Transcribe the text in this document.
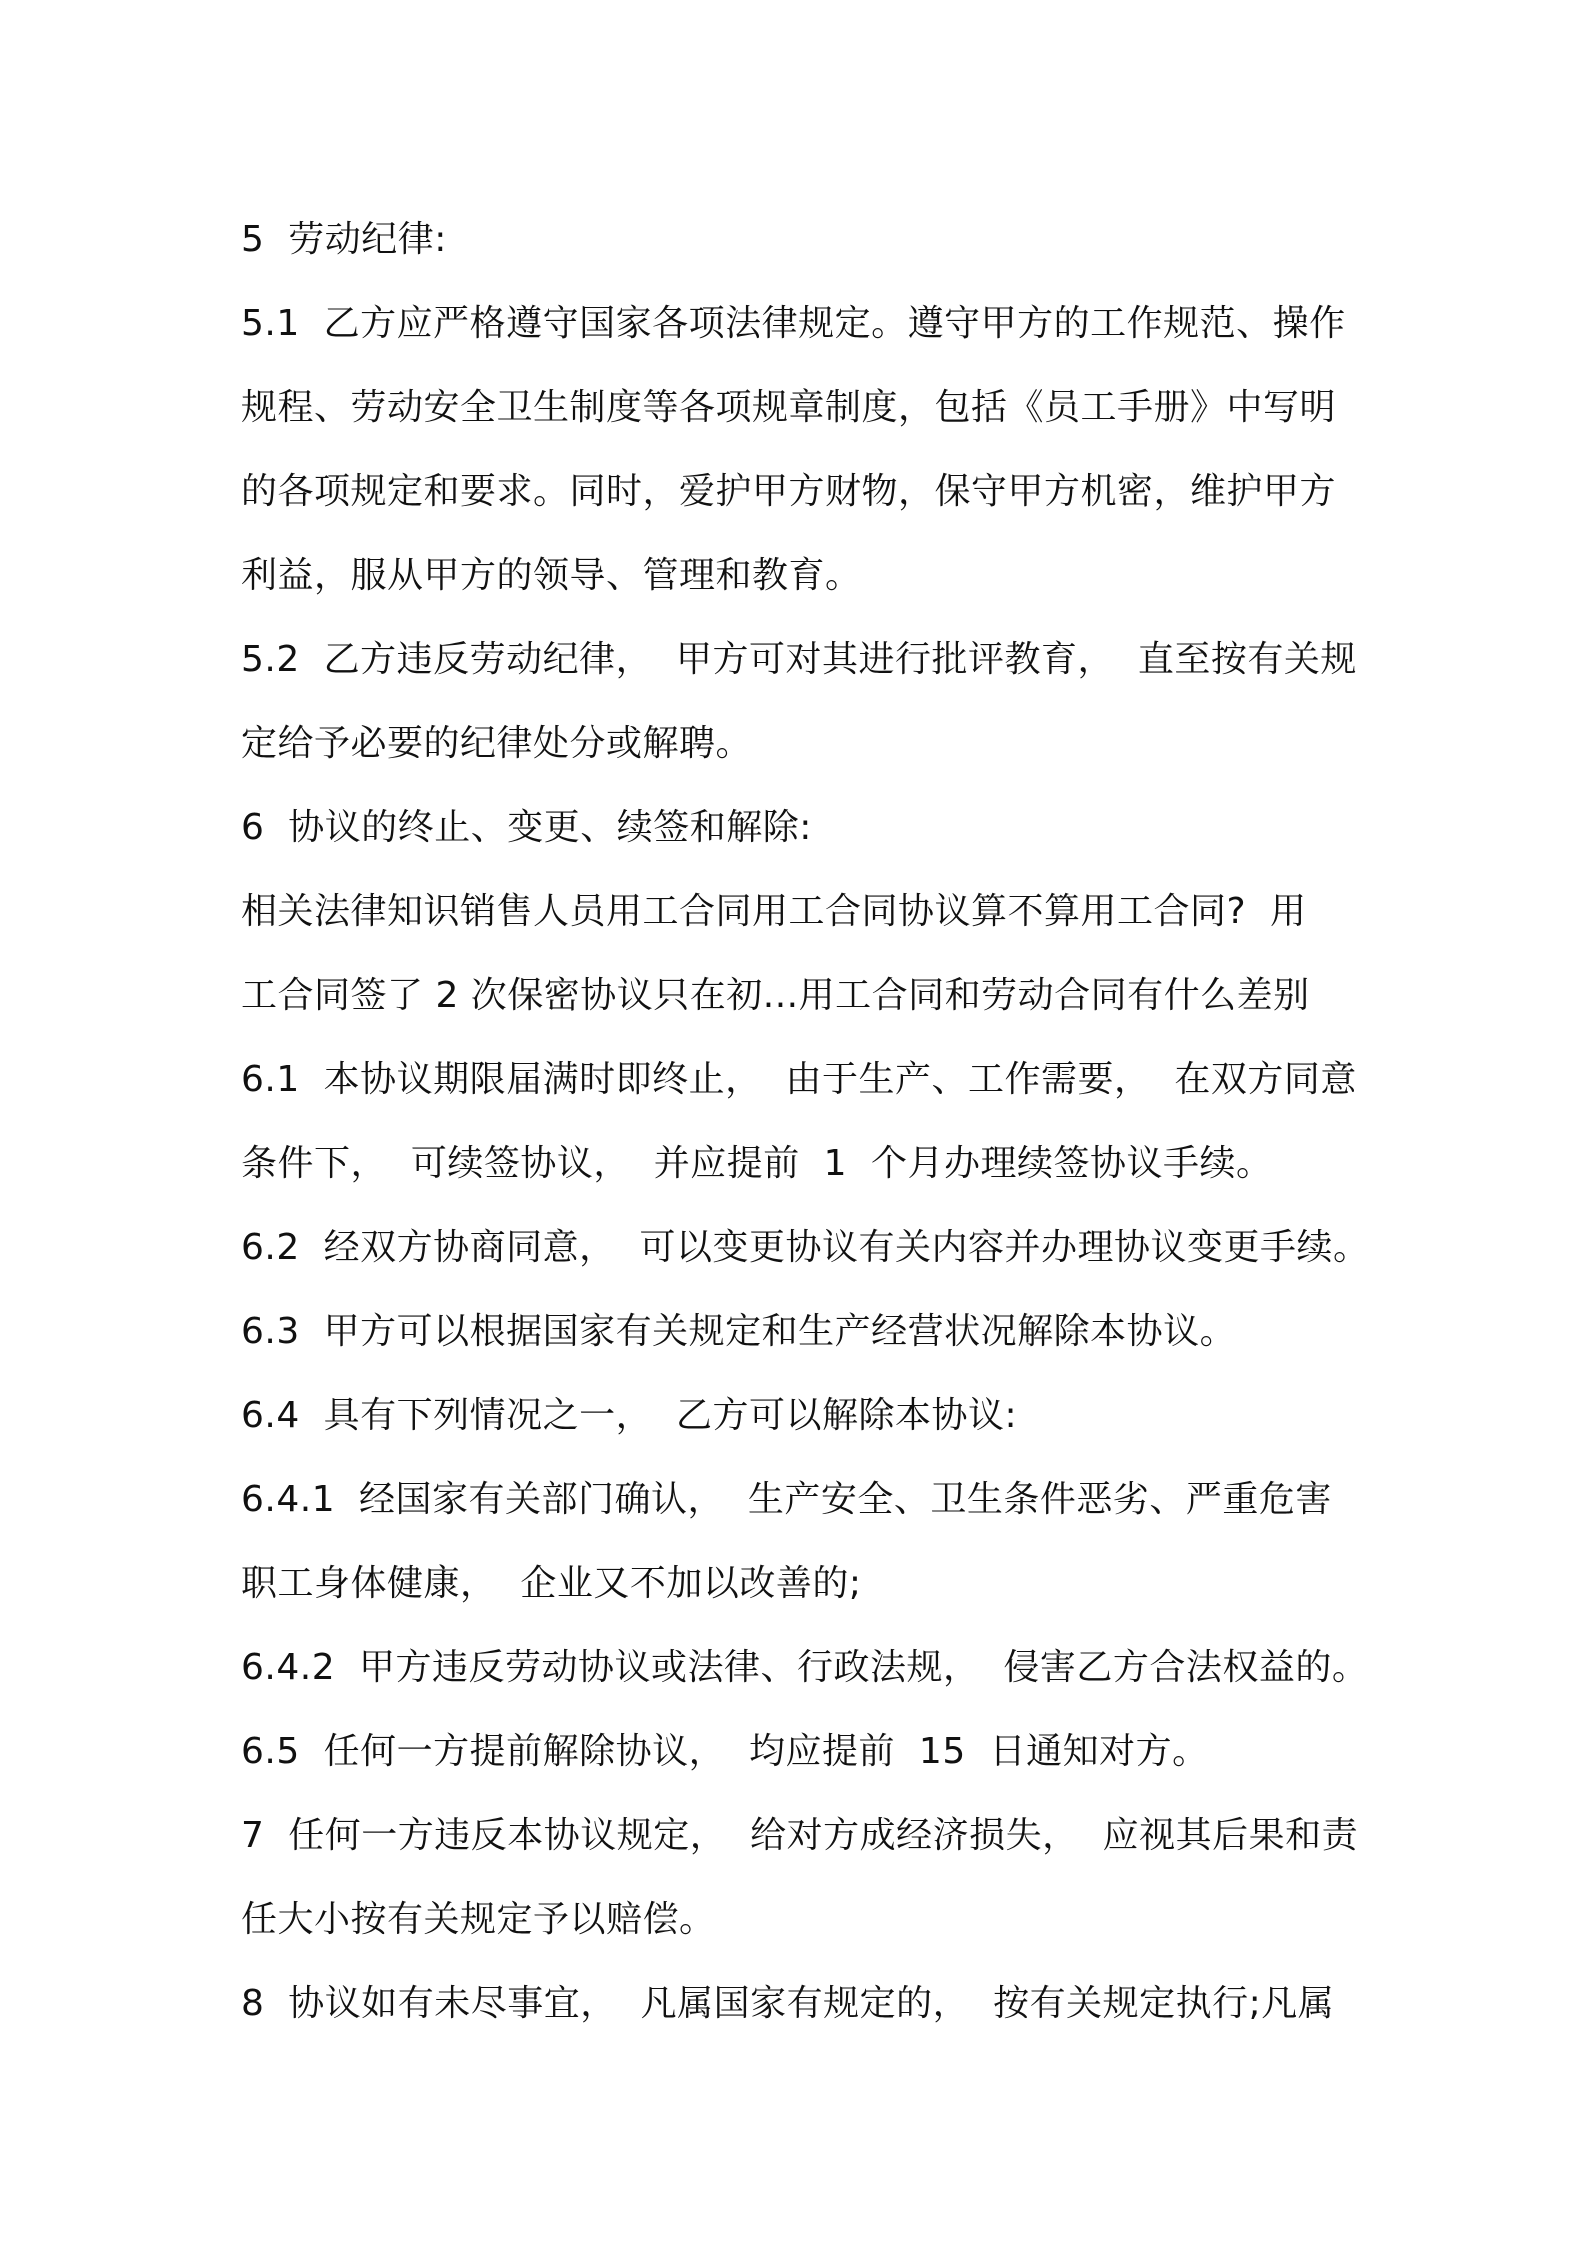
5  劳动纪律:
5.1  乙方应严格遵守国家各项法律规定。遵守甲方的工作规范、操作
规程、劳动安全卫生制度等各项规章制度，包括《员工手册》中写明
的各项规定和要求。同时，爱护甲方财物，保守甲方机密，维护甲方
利益，服从甲方的领导、管理和教育。
5.2  乙方违反劳动纪律，  甲方可对其进行批评教育，  直至按有关规
定给予必要的纪律处分或解聘。
6  协议的终止、变更、续签和解除:
相关法律知识销售人员用工合同用工合同协议算不算用工合同?  用
工合同签了 2 次保密协议只在初...用工合同和劳动合同有什么差别
6.1  本协议期限届满时即终止，  由于生产、工作需要，  在双方同意
条件下，  可续签协议，  并应提前  1  个月办理续签协议手续。
6.2  经双方协商同意，  可以变更协议有关内容并办理协议变更手续。
6.3  甲方可以根据国家有关规定和生产经营状况解除本协议。
6.4  具有下列情况之一，  乙方可以解除本协议:
6.4.1  经国家有关部门确认，  生产安全、卫生条件恶劣、严重危害
职工身体健康，  企业又不加以改善的;
6.4.2  甲方违反劳动协议或法律、行政法规，  侵害乙方合法权益的。
6.5  任何一方提前解除协议，  均应提前  15  日通知对方。
7  任何一方违反本协议规定，  给对方成经济损失，  应视其后果和责
任大小按有关规定予以赔偿。
8  协议如有未尽事宜，  凡属国家有规定的，  按有关规定执行;凡属
